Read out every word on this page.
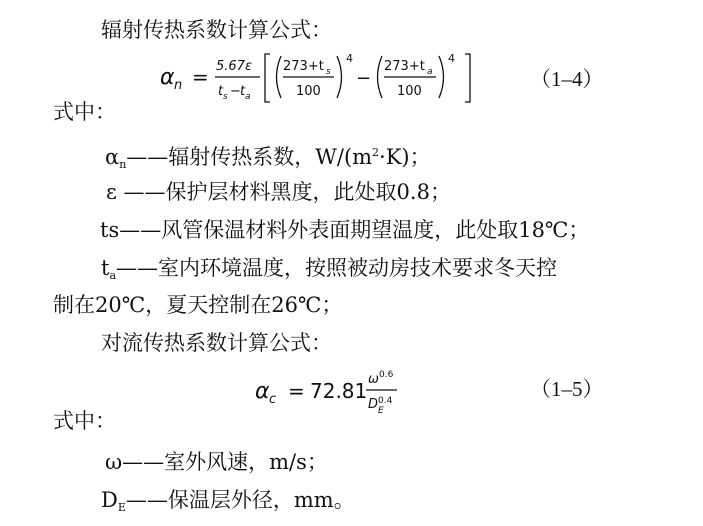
辐射传热系数计算公式：
α n = 5.67ε
t s − t a
273+t s
100
4
−
273+t a
100
4
（1–4）
式中：
$\alpha_n——$辐射传热系数，$W/(m^2\cdot K)$；
ε ——保护层材料黑度，此处取0.8；
ts——风管保温材料外表面期望温度，此处取18℃；
$t_a——$室内环境温度，按照被动房技术要求冬天控
制在20℃，夏天控制在26℃；
对流传热系数计算公式：
α c = 72.81 ω 0.6
D E
0.4	（1–5）
式中：
ω——室外风速，m/s；
$D_E——$保温层外径，mm。
